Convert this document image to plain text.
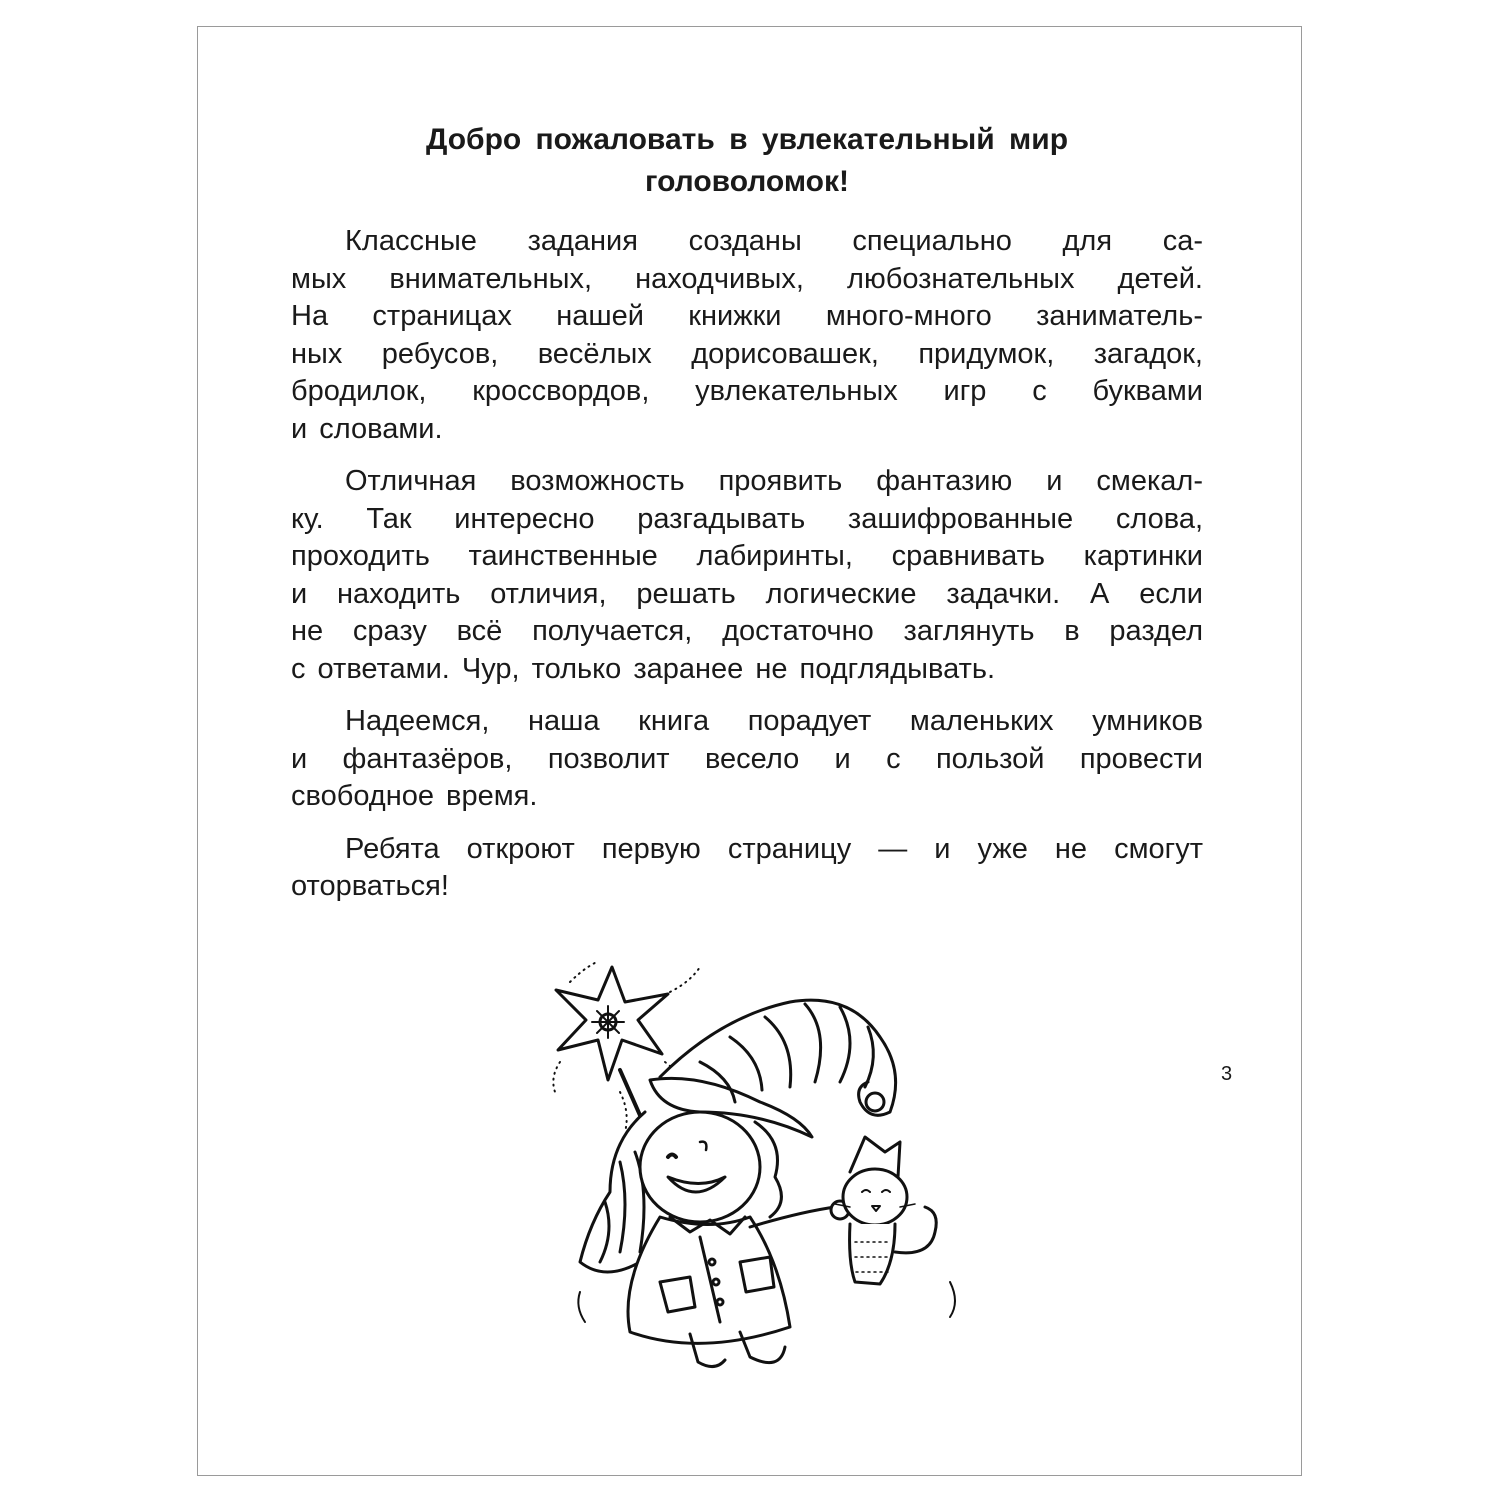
Добро пожаловать в увлекательный мир
головоломок!

Классные задания созданы специально для са-
мых внимательных, находчивых, любознательных детей.
На страницах нашей книжки много-много заниматель-
ных ребусов, весёлых дорисовашек, придумок, загадок,
бродилок, кроссвордов, увлекательных игр с буквами
и словами.

Отличная возможность проявить фантазию и смекал-
ку. Так интересно разгадывать зашифрованные слова,
проходить таинственные лабиринты, сравнивать картинки
и находить отличия, решать логические задачки. А если
не сразу всё получается, достаточно заглянуть в раздел
с ответами. Чур, только заранее не подглядывать.

Надеемся, наша книга порадует маленьких умников
и фантазёров, позволит весело и с пользой провести
свободное время.

Ребята откроют первую страницу — и уже не смогут
оторваться!

3
